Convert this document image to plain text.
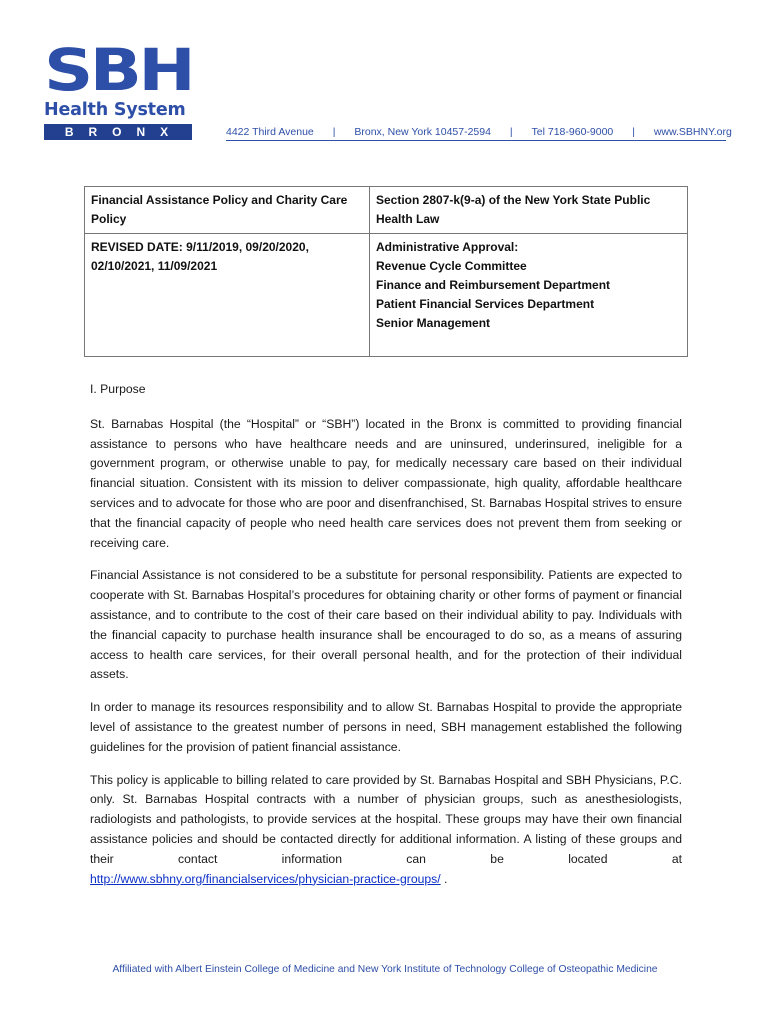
SBH
Health System
BRONX	4422 Third Avenue | Bronx, New York 10457-2594 | Tel 718-960-9000 | www.SBHNY.org
Financial Assistance Policy and Charity Care Policy	Section 2807-k(9-a) of the New York State Public Health Law
REVISED DATE: 9/11/2019, 09/20/2020, 02/10/2021, 11/09/2021	Administrative Approval:
Revenue Cycle Committee
Finance and Reimbursement Department
Patient Financial Services Department
Senior Management
I. Purpose

St. Barnabas Hospital (the “Hospital” or “SBH”) located in the Bronx is committed to providing financial assistance to persons who have healthcare needs and are uninsured, underinsured, ineligible for a government program, or otherwise unable to pay, for medically necessary care based on their individual financial situation. Consistent with its mission to deliver compassionate, high quality, affordable healthcare services and to advocate for those who are poor and disenfranchised, St. Barnabas Hospital strives to ensure that the financial capacity of people who need health care services does not prevent them from seeking or receiving care.

Financial Assistance is not considered to be a substitute for personal responsibility. Patients are expected to cooperate with St. Barnabas Hospital’s procedures for obtaining charity or other forms of payment or financial assistance, and to contribute to the cost of their care based on their individual ability to pay. Individuals with the financial capacity to purchase health insurance shall be encouraged to do so, as a means of assuring access to health care services, for their overall personal health, and for the protection of their individual assets.

In order to manage its resources responsibility and to allow St. Barnabas Hospital to provide the appropriate level of assistance to the greatest number of persons in need, SBH management established the following guidelines for the provision of patient financial assistance.

This policy is applicable to billing related to care provided by St. Barnabas Hospital and SBH Physicians, P.C. only. St. Barnabas Hospital contracts with a number of physician groups, such as anesthesiologists, radiologists and pathologists, to provide services at the hospital. These groups may have their own financial assistance policies and should be contacted directly for additional information. A listing of these groups and their contact information can be located at

http://www.sbhny.org/financialservices/physician-practice-groups/ .

Affiliated with Albert Einstein College of Medicine and New York Institute of Technology College of Osteopathic Medicine
